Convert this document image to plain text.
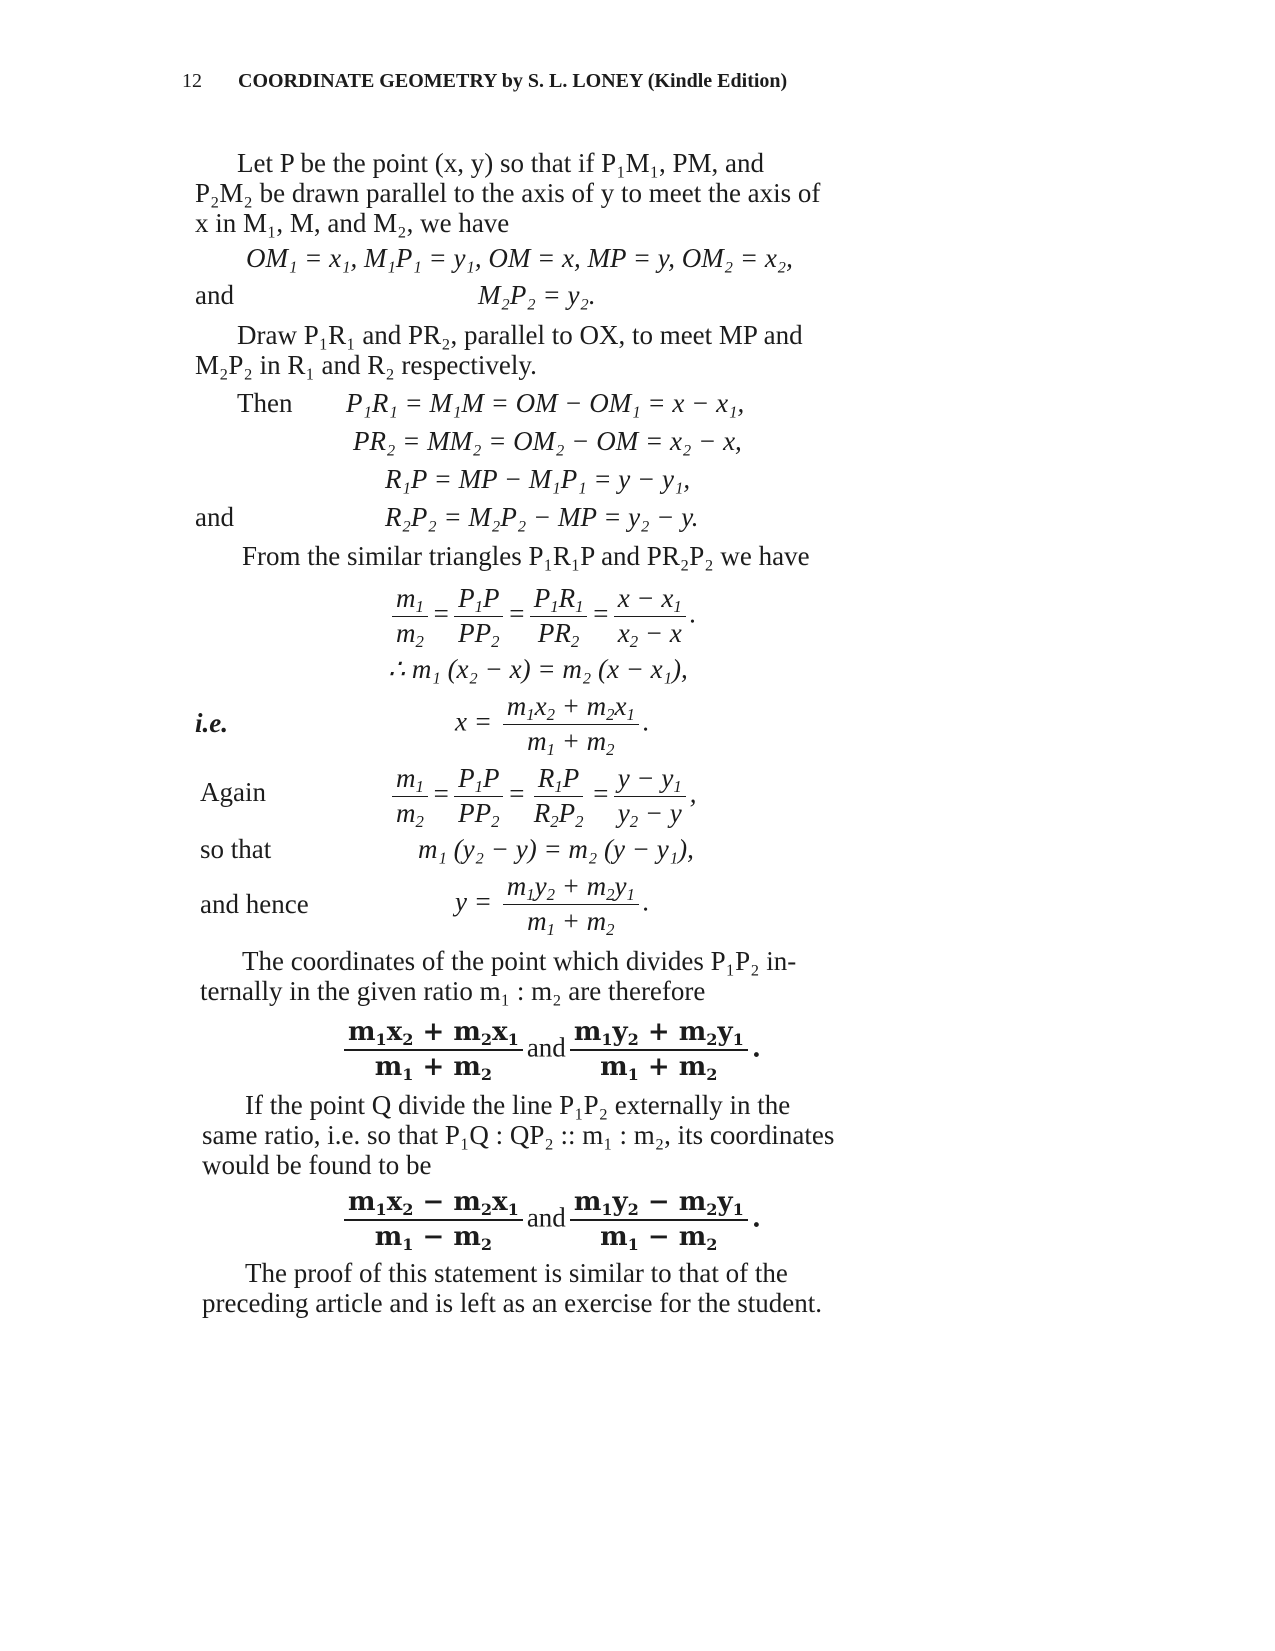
12 COORDINATE GEOMETRY by S. L. LONEY (Kindle Edition)
Let P be the point (x, y) so that if P₁M₁, PM, and
P₂M₂ be drawn parallel to the axis of y to meet the axis of
x in M₁, M, and M₂, we have
OM₁ = x₁, M₁P₁ = y₁, OM = x, MP = y, OM₂ = x₂,
and	M₂P₂ = y₂.
Draw P₁R₁ and PR₂, parallel to OX, to meet MP and
M₂P₂ in R₁ and R₂ respectively.
Then P₁R₁ = M₁M = OM − OM₁ = x − x₁,
PR₂ = MM₂ = OM₂ − OM = x₂ − x,
R₁P = MP − M₁P₁ = y − y₁,
and	R₂P₂ = M₂P₂ − MP = y₂ − y.
From the similar triangles P₁R₁P and PR₂P₂ we have
$\frac{m_1}{m_2} = \frac{P_1P}{PP_2} = \frac{P_1R_1}{PR_2} = \frac{x - x_1}{x_2 - x}$ .
∴ m₁ (x₂ − x) = m₂ (x − x₁),
i.e.	$x = \frac{m_1x_2 + m_2x_1}{m_1 + m_2}$ .
Again	$\frac{m_1}{m_2} = \frac{P_1P}{PP_2} = \frac{R_1P}{R_2P_2} = \frac{y - y_1}{y_2 - y}$ ,
so that	m₁ (y₂ − y) = m₂ (y − y₁),
and hence	$y = \frac{m_1y_2 + m_2y_1}{m_1 + m_2}$ .
The coordinates of the point which divides P₁P₂ in-
ternally in the given ratio m₁ : m₂ are therefore
$\frac{m_1x_2 + m_2x_1}{m_1 + m_2}$ and $\frac{m_1y_2 + m_2y_1}{m_1 + m_2}$ .
If the point Q divide the line P₁P₂ externally in the
same ratio, i.e. so that P₁Q : QP₂ :: m₁ : m₂, its coordinates
would be found to be
$\frac{m_1x_2 - m_2x_1}{m_1 - m_2}$ and $\frac{m_1y_2 - m_2y_1}{m_1 - m_2}$ .
The proof of this statement is similar to that of the
preceding article and is left as an exercise for the student.
